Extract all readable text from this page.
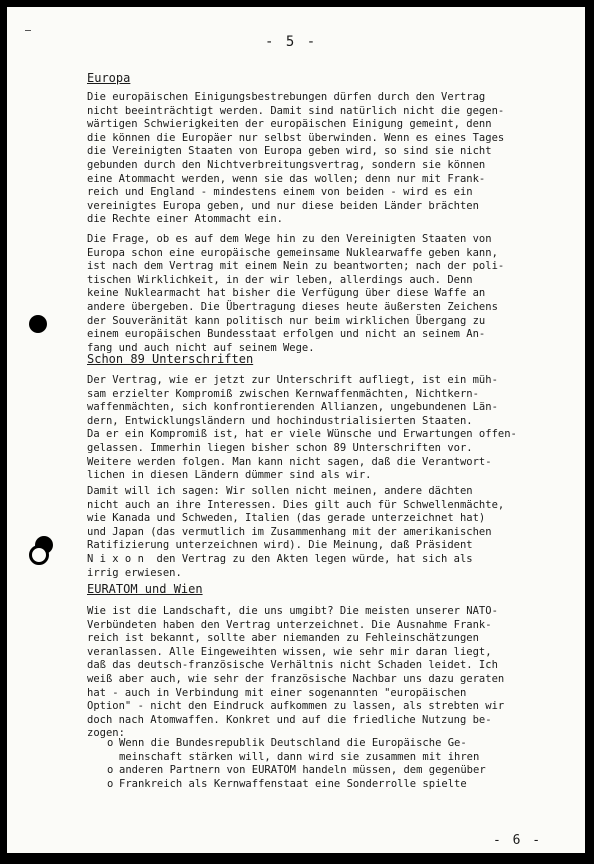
- 5 -
Europa
Die europäischen Einigungsbestrebungen dürfen durch den Vertrag
nicht beeinträchtigt werden. Damit sind natürlich nicht die gegen-
wärtigen Schwierigkeiten der europäischen Einigung gemeint, denn
die können die Europäer nur selbst überwinden. Wenn es eines Tages
die Vereinigten Staaten von Europa geben wird, so sind sie nicht
gebunden durch den Nichtverbreitungsvertrag, sondern sie können
eine Atommacht werden, wenn sie das wollen; denn nur mit Frank-
reich und England - mindestens einem von beiden - wird es ein
vereinigtes Europa geben, und nur diese beiden Länder brächten
die Rechte einer Atommacht ein.
Die Frage, ob es auf dem Wege hin zu den Vereinigten Staaten von
Europa schon eine europäische gemeinsame Nuklearwaffe geben kann,
ist nach dem Vertrag mit einem Nein zu beantworten; nach der poli-
tischen Wirklichkeit, in der wir leben, allerdings auch. Denn
keine Nuklearmacht hat bisher die Verfügung über diese Waffe an
andere übergeben. Die Übertragung dieses heute äußersten Zeichens
der Souveränität kann politisch nur beim wirklichen Übergang zu
einem europäischen Bundesstaat erfolgen und nicht an seinem An-
fang und auch nicht auf seinem Wege.
Schon 89 Unterschriften
Der Vertrag, wie er jetzt zur Unterschrift aufliegt, ist ein müh-
sam erzielter Kompromiß zwischen Kernwaffenmächten, Nichtkern-
waffenmächten, sich konfrontierenden Allianzen, ungebundenen Län-
dern, Entwicklungsländern und hochindustrialisierten Staaten.
Da er ein Kompromiß ist, hat er viele Wünsche und Erwartungen offen-
gelassen. Immerhin liegen bisher schon 89 Unterschriften vor.
Weitere werden folgen. Man kann nicht sagen, daß die Verantwort-
lichen in diesen Ländern dümmer sind als wir.
Damit will ich sagen: Wir sollen nicht meinen, andere dächten
nicht auch an ihre Interessen. Dies gilt auch für Schwellenmächte,
wie Kanada und Schweden, Italien (das gerade unterzeichnet hat)
und Japan (das vermutlich im Zusammenhang mit der amerikanischen
Ratifizierung unterzeichnen wird). Die Meinung, daß Präsident
N i x o n  den Vertrag zu den Akten legen würde, hat sich als
irrig erwiesen.
EURATOM und Wien
Wie ist die Landschaft, die uns umgibt? Die meisten unserer NATO-
Verbündeten haben den Vertrag unterzeichnet. Die Ausnahme Frank-
reich ist bekannt, sollte aber niemanden zu Fehleinschätzungen
veranlassen. Alle Eingeweihten wissen, wie sehr mir daran liegt,
daß das deutsch-französische Verhältnis nicht Schaden leidet. Ich
weiß aber auch, wie sehr der französische Nachbar uns dazu geraten
hat - auch in Verbindung mit einer sogenannten "europäischen
Option" - nicht den Eindruck aufkommen zu lassen, als strebten wir
doch nach Atomwaffen. Konkret und auf die friedliche Nutzung be-
zogen:
o Wenn die Bundesrepublik Deutschland die Europäische Ge-
meinschaft stärken will, dann wird sie zusammen mit ihren
o anderen Partnern von EURATOM handeln müssen, dem gegenüber
o Frankreich als Kernwaffenstaat eine Sonderrolle spielte
- 6 -
